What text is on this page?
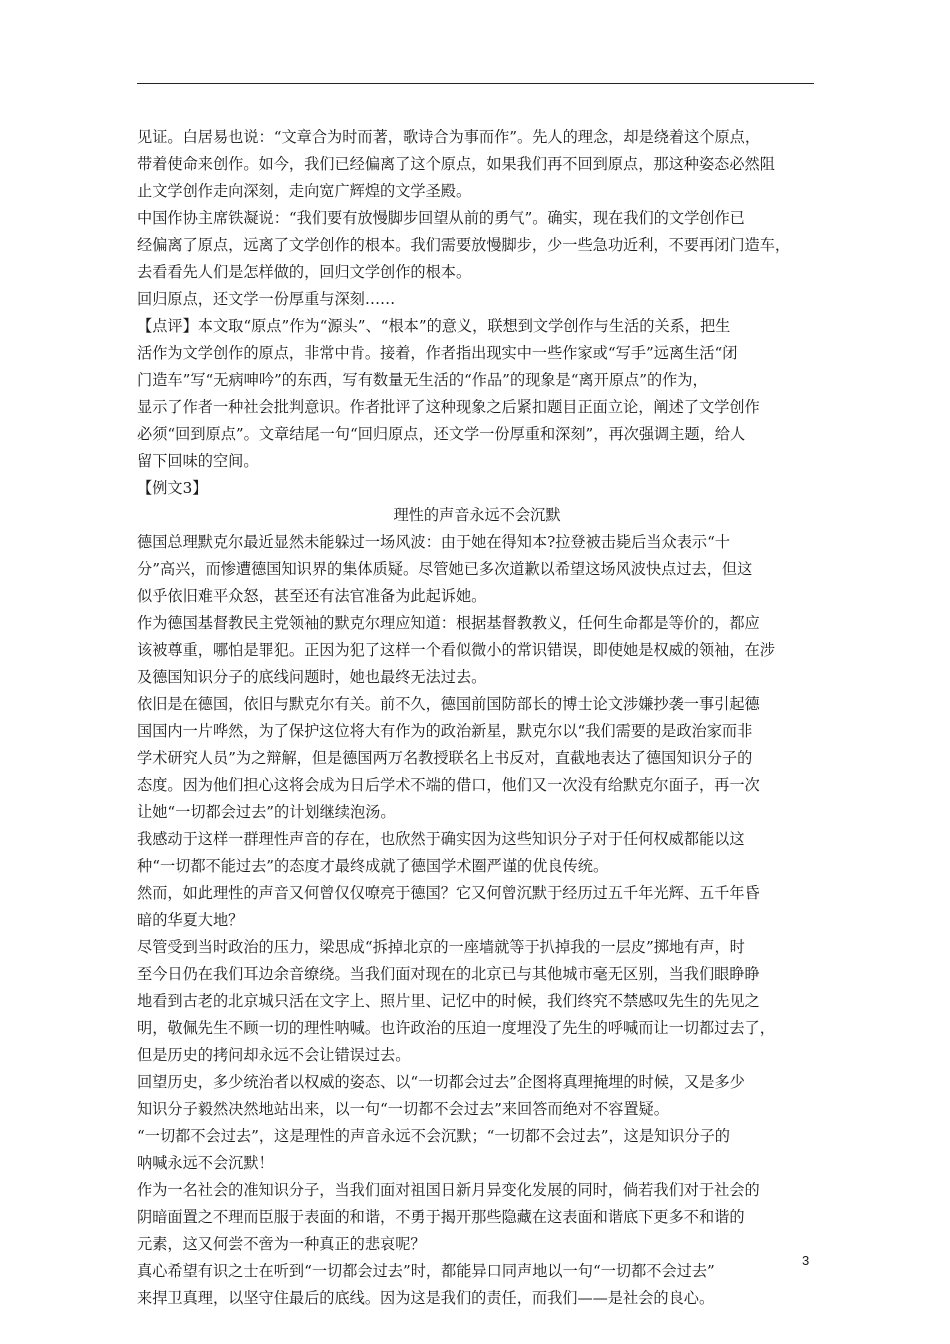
见证。白居易也说：“文章合为时而著，歌诗合为事而作”。先人的理念，却是绕着这个原点，
带着使命来创作。如今，我们已经偏离了这个原点，如果我们再不回到原点，那这种姿态必然阻
止文学创作走向深刻，走向宽广辉煌的文学圣殿。
中国作协主席铁凝说：“我们要有放慢脚步回望从前的勇气”。确实，现在我们的文学创作已
经偏离了原点，远离了文学创作的根本。我们需要放慢脚步，少一些急功近利，不要再闭门造车，
去看看先人们是怎样做的，回归文学创作的根本。
回归原点，还文学一份厚重与深刻……
【点评】本文取“原点”作为“源头”、“根本”的意义，联想到文学创作与生活的关系，把生
活作为文学创作的原点，非常中肯。接着，作者指出现实中一些作家或“写手”远离生活“闭
门造车”写“无病呻吟”的东西，写有数量无生活的“作品”的现象是“离开原点”的作为，
显示了作者一种社会批判意识。作者批评了这种现象之后紧扣题目正面立论，阐述了文学创作
必须“回到原点”。文章结尾一句“回归原点，还文学一份厚重和深刻”，再次强调主题，给人
留下回味的空间。
【例文3】
理性的声音永远不会沉默
德国总理默克尔最近显然未能躲过一场风波：由于她在得知本?拉登被击毙后当众表示“十
分”高兴，而惨遭德国知识界的集体质疑。尽管她已多次道歉以希望这场风波快点过去，但这
似乎依旧难平众怒，甚至还有法官准备为此起诉她。
作为德国基督教民主党领袖的默克尔理应知道：根据基督教教义，任何生命都是等价的，都应
该被尊重，哪怕是罪犯。正因为犯了这样一个看似微小的常识错误，即使她是权威的领袖，在涉
及德国知识分子的底线问题时，她也最终无法过去。
依旧是在德国，依旧与默克尔有关。前不久，德国前国防部长的博士论文涉嫌抄袭一事引起德
国国内一片哗然，为了保护这位将大有作为的政治新星，默克尔以“我们需要的是政治家而非
学术研究人员”为之辩解，但是德国两万名教授联名上书反对，直截地表达了德国知识分子的
态度。因为他们担心这将会成为日后学术不端的借口，他们又一次没有给默克尔面子，再一次
让她“一切都会过去”的计划继续泡汤。
我感动于这样一群理性声音的存在，也欣然于确实因为这些知识分子对于任何权威都能以这
种“一切都不能过去”的态度才最终成就了德国学术圈严谨的优良传统。
然而，如此理性的声音又何曾仅仅嘹亮于德国？它又何曾沉默于经历过五千年光辉、五千年昏
暗的华夏大地？
尽管受到当时政治的压力，梁思成“拆掉北京的一座墙就等于扒掉我的一层皮”掷地有声，时
至今日仍在我们耳边余音缭绕。当我们面对现在的北京已与其他城市毫无区别，当我们眼睁睁
地看到古老的北京城只活在文字上、照片里、记忆中的时候，我们终究不禁感叹先生的先见之
明，敬佩先生不顾一切的理性呐喊。也许政治的压迫一度埋没了先生的呼喊而让一切都过去了，
但是历史的拷问却永远不会让错误过去。
回望历史，多少统治者以权威的姿态、以“一切都会过去”企图将真理掩埋的时候，又是多少
知识分子毅然决然地站出来，以一句“一切都不会过去”来回答而绝对不容置疑。
“一切都不会过去”，这是理性的声音永远不会沉默；“一切都不会过去”，这是知识分子的
呐喊永远不会沉默！
作为一名社会的准知识分子，当我们面对祖国日新月异变化发展的同时，倘若我们对于社会的
阴暗面置之不理而臣服于表面的和谐，不勇于揭开那些隐藏在这表面和谐底下更多不和谐的
元素，这又何尝不啻为一种真正的悲哀呢？
真心希望有识之士在听到“一切都会过去”时，都能异口同声地以一句“一切都不会过去”
来捍卫真理，以坚守住最后的底线。因为这是我们的责任，而我们——是社会的良心。
3
